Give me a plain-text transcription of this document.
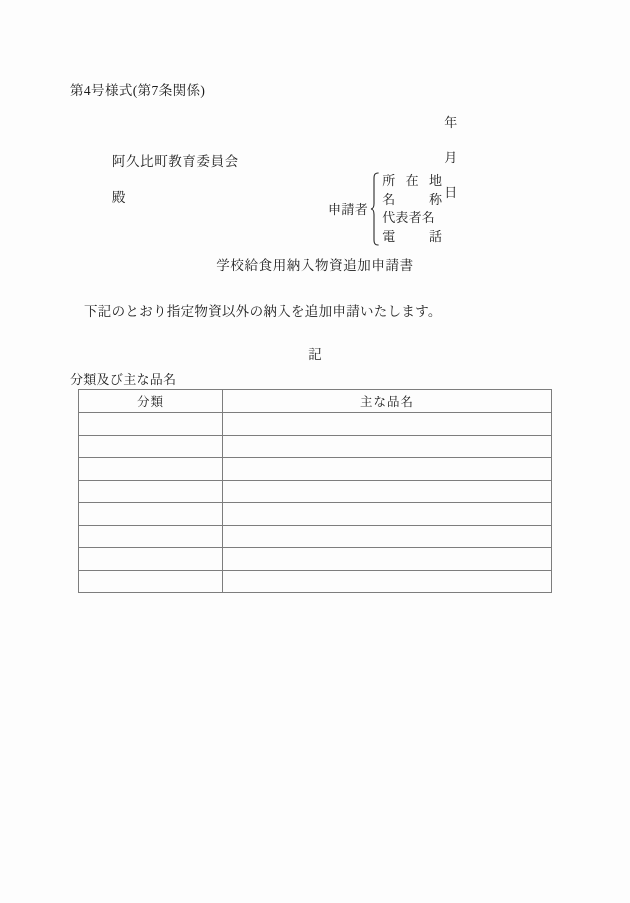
第4号様式(第7条関係)

年

月

日

阿久比町教育委員会

殿

申請者
所 在 地
名	称
代表者名
電	話
学校給食用納入物資追加申請書
下記のとおり指定物資以外の納入を追加申請いたします。
記
分類及び主な品名
分類	主な品名
